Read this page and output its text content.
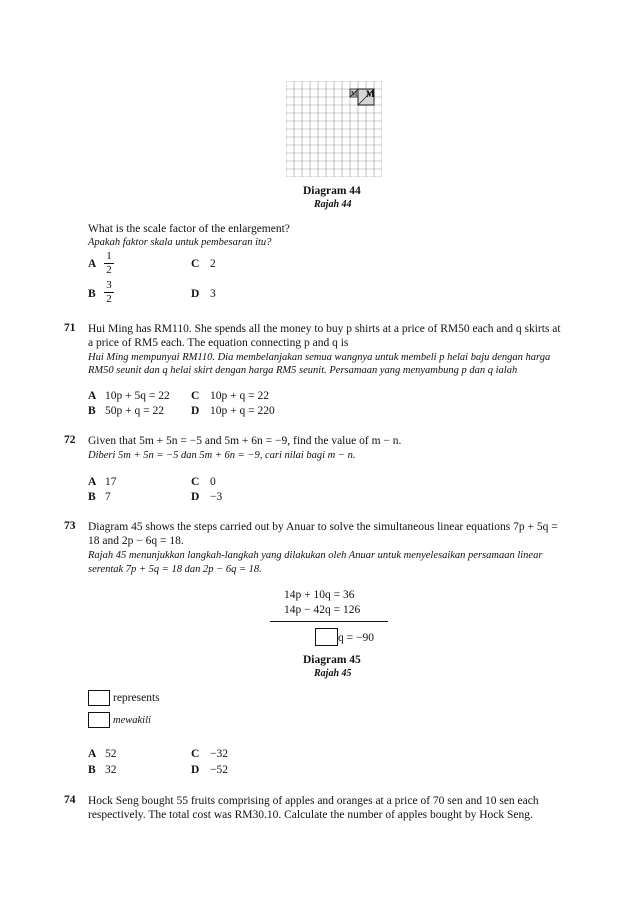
M M
Diagram 44
Rajah 44
What is the scale factor of the enlargement?
Apakah faktor skala untuk pembesaran itu?
A
1
2	C 2
B
3
2	D 3
71 Hui Ming has RM110. She spends all the money to buy p shirts at a price of RM50 each and q skirts at
a price of RM5 each. The equation connecting p and q is
Hui Ming mempunyai RM110. Dia membelanjakan semua wangnya untuk membeli p helai baju dengan harga
RM50 seunit dan q helai skirt dengan harga RM5 seunit. Persamaan yang menyambung p dan q ialah
A 10p + 5q = 22 C 10p + q = 22
B 50p + q = 22 D 10p + q = 220
72 Given that 5m + 5n = −5 and 5m + 6n = −9, find the value of m − n.
Diberi 5m + 5n = −5 dan 5m + 6n = −9, cari nilai bagi m − n.
A 17	C 0
B 7	D −3
73 Diagram 45 shows the steps carried out by Anuar to solve the simultaneous linear equations 7p + 5q =
18 and 2p − 6q = 18.
Rajah 45 menunjukkan langkah-langkah yang dilakukan oleh Anuar untuk menyelesaikan persamaan linear
serentak 7p + 5q = 18 dan 2p − 6q = 18.
14p + 10q = 36
14p − 42q = 126
q = −90
Diagram 45
Rajah 45
represents
mewakili
A 52	C −32
B 32	D −52
74 Hock Seng bought 55 fruits comprising of apples and oranges at a price of 70 sen and 10 sen each
respectively. The total cost was RM30.10. Calculate the number of apples bought by Hock Seng.
